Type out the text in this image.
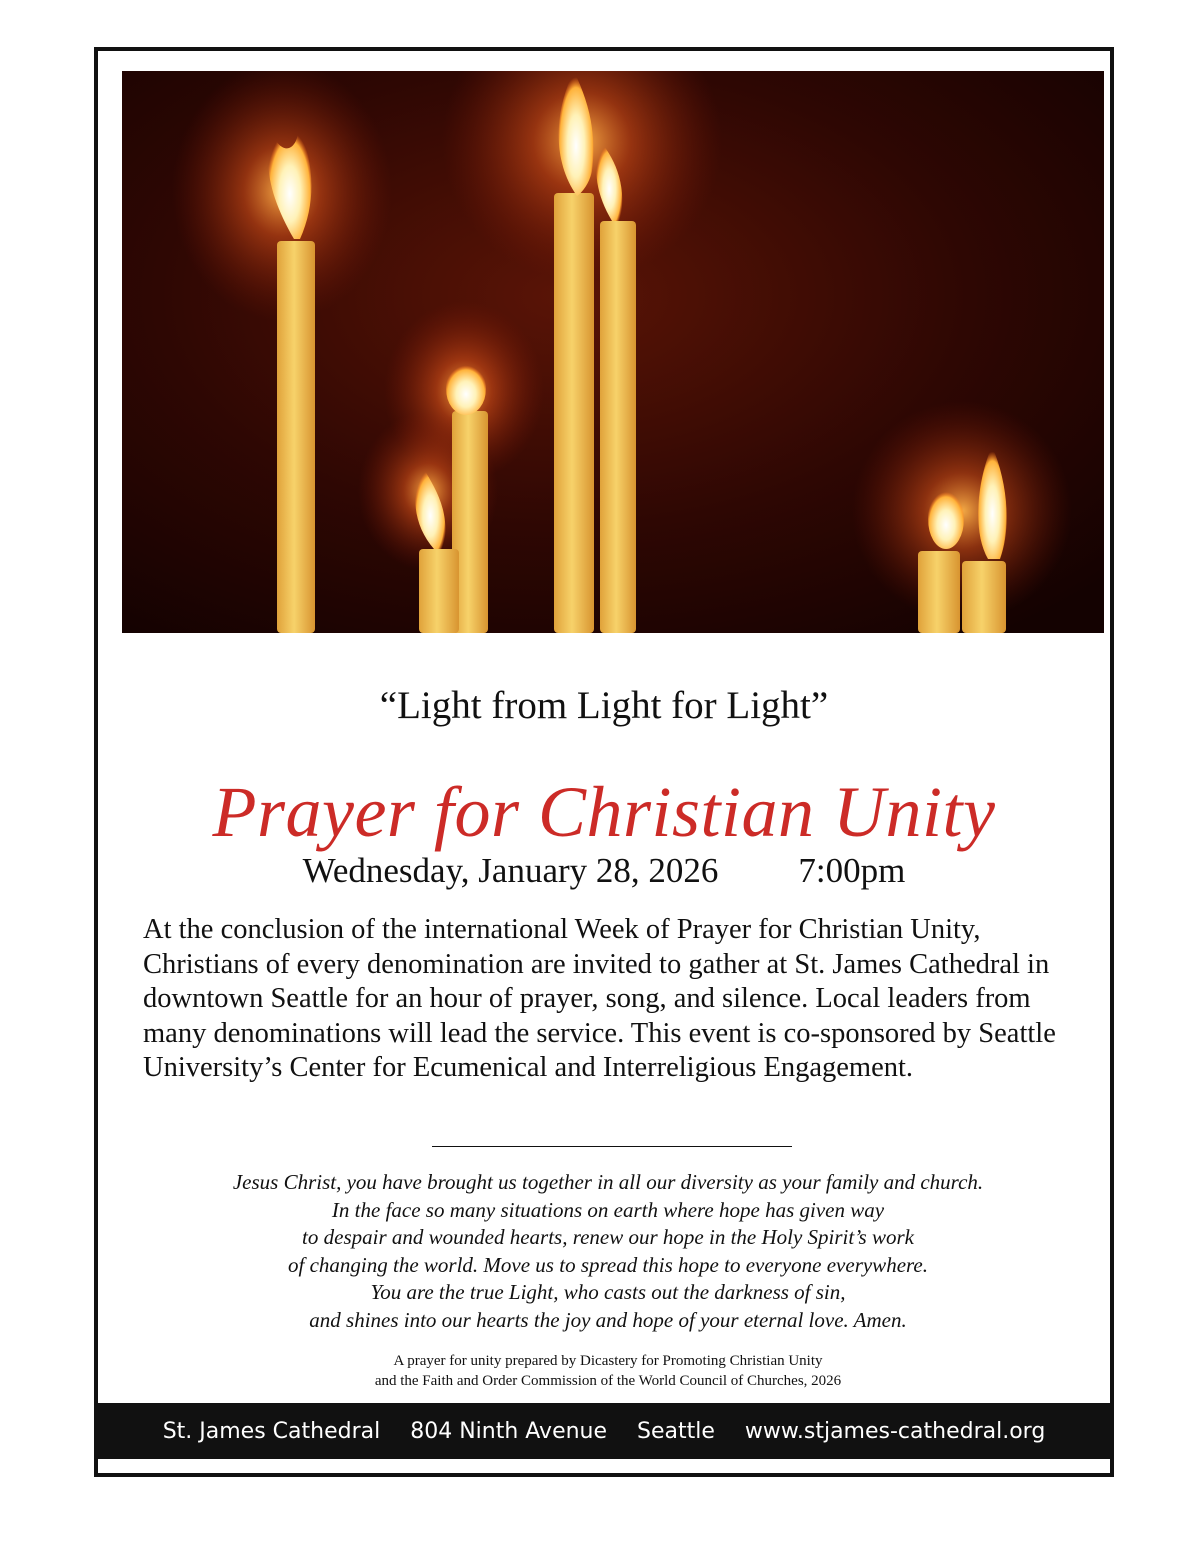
“Light from Light for Light”
Prayer for Christian Unity
Wednesday, January 28, 2026 7:00pm
At the conclusion of the international Week of Prayer for Christian Unity, Christians of every denomination are invited to gather at St. James Cathedral in downtown Seattle for an hour of prayer, song, and silence. Local leaders from many denominations will lead the service. This event is co-sponsored by Seattle University’s Center for Ecumenical and Interreligious Engagement.
Jesus Christ, you have brought us together in all our diversity as your family and church.
In the face so many situations on earth where hope has given way
to despair and wounded hearts, renew our hope in the Holy Spirit’s work
of changing the world. Move us to spread this hope to everyone everywhere.
You are the true Light, who casts out the darkness of sin,
and shines into our hearts the joy and hope of your eternal love. Amen.
A prayer for unity prepared by Dicastery for Promoting Christian Unity
and the Faith and Order Commission of the World Council of Churches, 2026
St. James Cathedral 804 Ninth Avenue Seattle www.stjames-cathedral.org
